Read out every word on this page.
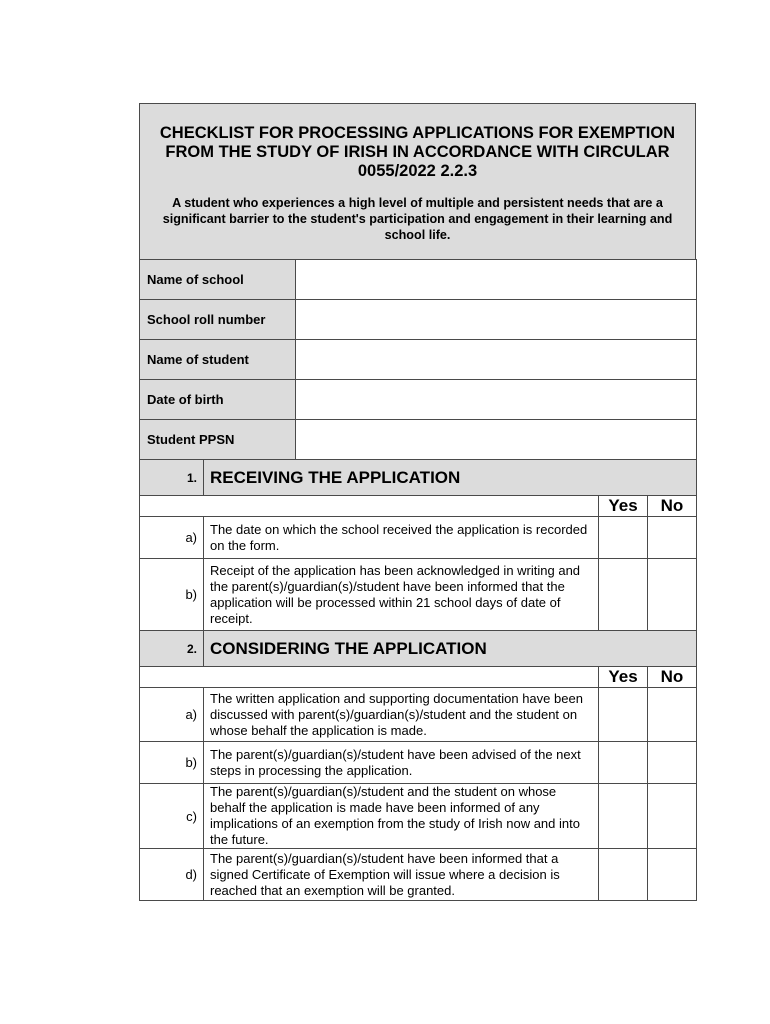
CHECKLIST FOR PROCESSING APPLICATIONS FOR EXEMPTION FROM THE STUDY OF IRISH IN ACCORDANCE WITH CIRCULAR 0055/2022 2.2.3
A student who experiences a high level of multiple and persistent needs that are a significant barrier to the student's participation and engagement in their learning and school life.
Name of school	
School roll number	
Name of student	
Date of birth	
Student PPSN	
1.	RECEIVING THE APPLICATION		
		Yes	No
a)	The date on which the school received the application is recorded on the form.		
b)	Receipt of the application has been acknowledged in writing and the parent(s)/guardian(s)/student have been informed that the application will be processed within 21 school days of date of receipt.		
2.	CONSIDERING THE APPLICATION		
		Yes	No
a)	The written application and supporting documentation have been discussed with parent(s)/guardian(s)/student and the student on whose behalf the application is made.		
b)	The parent(s)/guardian(s)/student have been advised of the next steps in processing the application.		
c)	The parent(s)/guardian(s)/student and the student on whose behalf the application is made have been informed of any implications of an exemption from the study of Irish now and into the future.		
d)	The parent(s)/guardian(s)/student have been informed that a signed Certificate of Exemption will issue where a decision is reached that an exemption will be granted.		
